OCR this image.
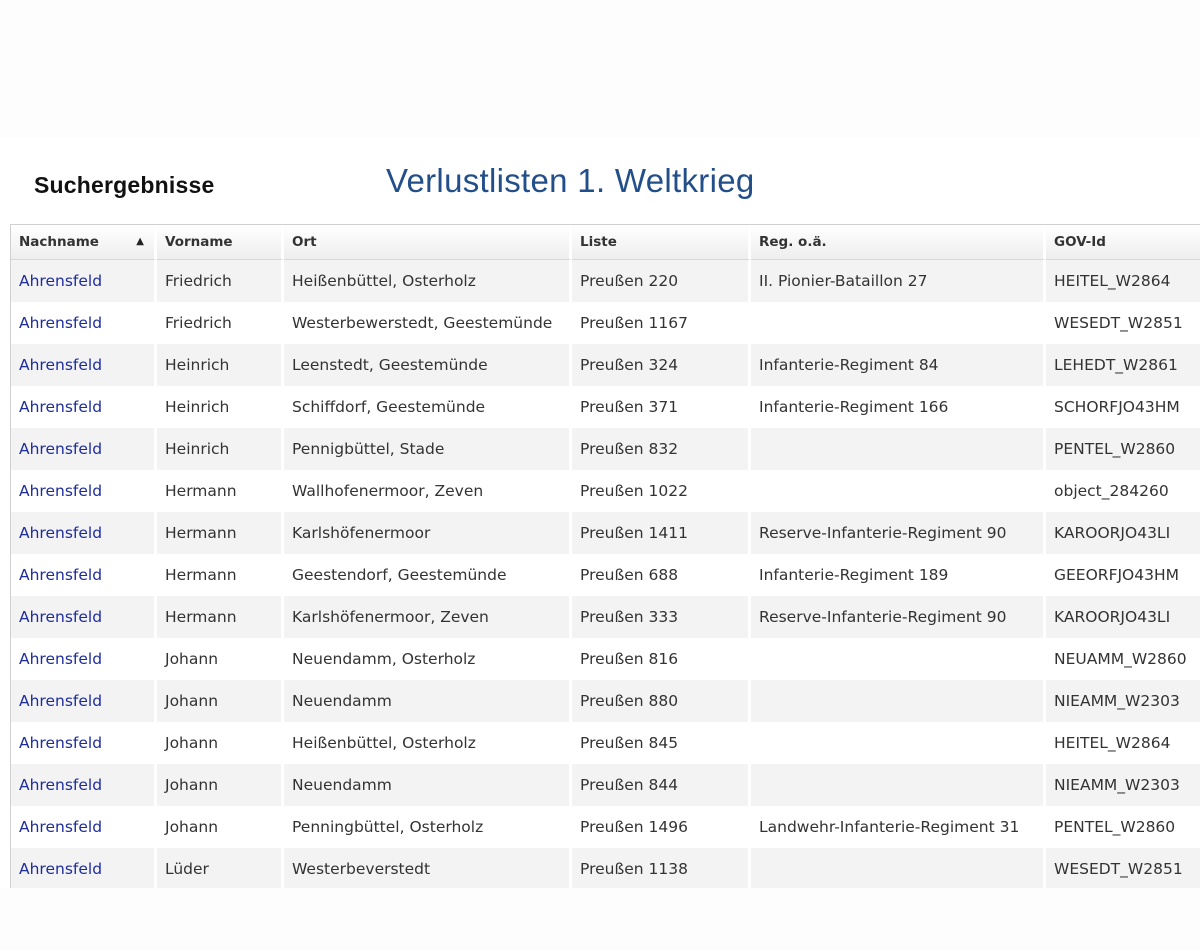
Suchergebnisse	Verlustlisten 1. Weltkrieg
Nachname ▲	Vorname	Ort	Liste	Reg. o.ä.	GOV-Id
Ahrensfeld	Friedrich	Heißenbüttel, Osterholz	Preußen 220	II. Pionier-Bataillon 27	HEITEL_W2864
Ahrensfeld	Friedrich	Westerbewerstedt, Geestemünde	Preußen 1167		WESEDT_W2851
Ahrensfeld	Heinrich	Leenstedt, Geestemünde	Preußen 324	Infanterie-Regiment 84	LEHEDT_W2861
Ahrensfeld	Heinrich	Schiffdorf, Geestemünde	Preußen 371	Infanterie-Regiment 166	SCHORFJO43HM
Ahrensfeld	Heinrich	Pennigbüttel, Stade	Preußen 832		PENTEL_W2860
Ahrensfeld	Hermann	Wallhofenermoor, Zeven	Preußen 1022		object_284260
Ahrensfeld	Hermann	Karlshöfenermoor	Preußen 1411	Reserve-Infanterie-Regiment 90	KAROORJO43LI
Ahrensfeld	Hermann	Geestendorf, Geestemünde	Preußen 688	Infanterie-Regiment 189	GEEORFJO43HM
Ahrensfeld	Hermann	Karlshöfenermoor, Zeven	Preußen 333	Reserve-Infanterie-Regiment 90	KAROORJO43LI
Ahrensfeld	Johann	Neuendamm, Osterholz	Preußen 816		NEUAMM_W2860
Ahrensfeld	Johann	Neuendamm	Preußen 880		NIEAMM_W2303
Ahrensfeld	Johann	Heißenbüttel, Osterholz	Preußen 845		HEITEL_W2864
Ahrensfeld	Johann	Neuendamm	Preußen 844		NIEAMM_W2303
Ahrensfeld	Johann	Penningbüttel, Osterholz	Preußen 1496	Landwehr-Infanterie-Regiment 31	PENTEL_W2860
Ahrensfeld	Lüder	Westerbeverstedt	Preußen 1138		WESEDT_W2851
